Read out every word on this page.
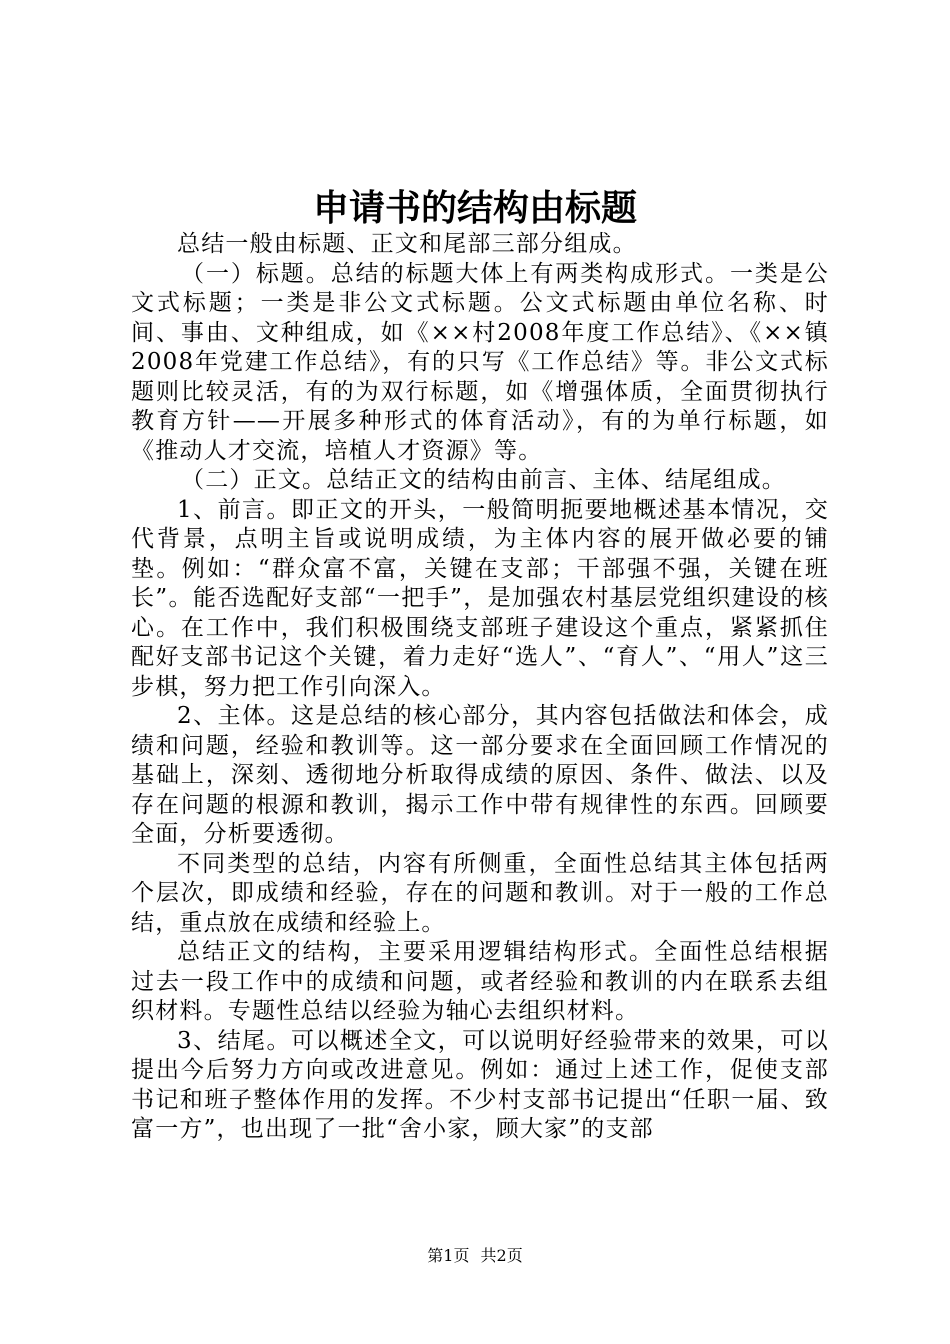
申请书的结构由标题

总结一般由标题、正文和尾部三部分组成。

（一）标题。总结的标题大体上有两类构成形式。一类是公文式标题；一类是非公文式标题。公文式标题由单位名称、时间、事由、文种组成，如《××村2008年度工作总结》、《××镇2008年党建工作总结》，有的只写《工作总结》等。非公文式标题则比较灵活，有的为双行标题，如《增强体质，全面贯彻执行教育方针——开展多种形式的体育活动》，有的为单行标题，如《推动人才交流，培植人才资源》等。

（二）正文。总结正文的结构由前言、主体、结尾组成。

1、前言。即正文的开头，一般简明扼要地概述基本情况，交代背景，点明主旨或说明成绩，为主体内容的展开做必要的铺垫。例如：“群众富不富，关键在支部；干部强不强，关键在班长”。能否选配好支部“一把手”，是加强农村基层党组织建设的核心。在工作中，我们积极围绕支部班子建设这个重点，紧紧抓住配好支部书记这个关键，着力走好“选人”、“育人”、“用人”这三步棋，努力把工作引向深入。

2、主体。这是总结的核心部分，其内容包括做法和体会，成绩和问题，经验和教训等。这一部分要求在全面回顾工作情况的基础上，深刻、透彻地分析取得成绩的原因、条件、做法、以及存在问题的根源和教训，揭示工作中带有规律性的东西。回顾要全面，分析要透彻。

不同类型的总结，内容有所侧重，全面性总结其主体包括两个层次，即成绩和经验，存在的问题和教训。对于一般的工作总结，重点放在成绩和经验上。

总结正文的结构，主要采用逻辑结构形式。全面性总结根据过去一段工作中的成绩和问题，或者经验和教训的内在联系去组织材料。专题性总结以经验为轴心去组织材料。

3、结尾。可以概述全文，可以说明好经验带来的效果，可以提出今后努力方向或改进意见。例如：通过上述工作，促使支部书记和班子整体作用的发挥。不少村支部书记提出“任职一届、致富一方”，也出现了一批“舍小家，顾大家”的支部

第1页 共2页
